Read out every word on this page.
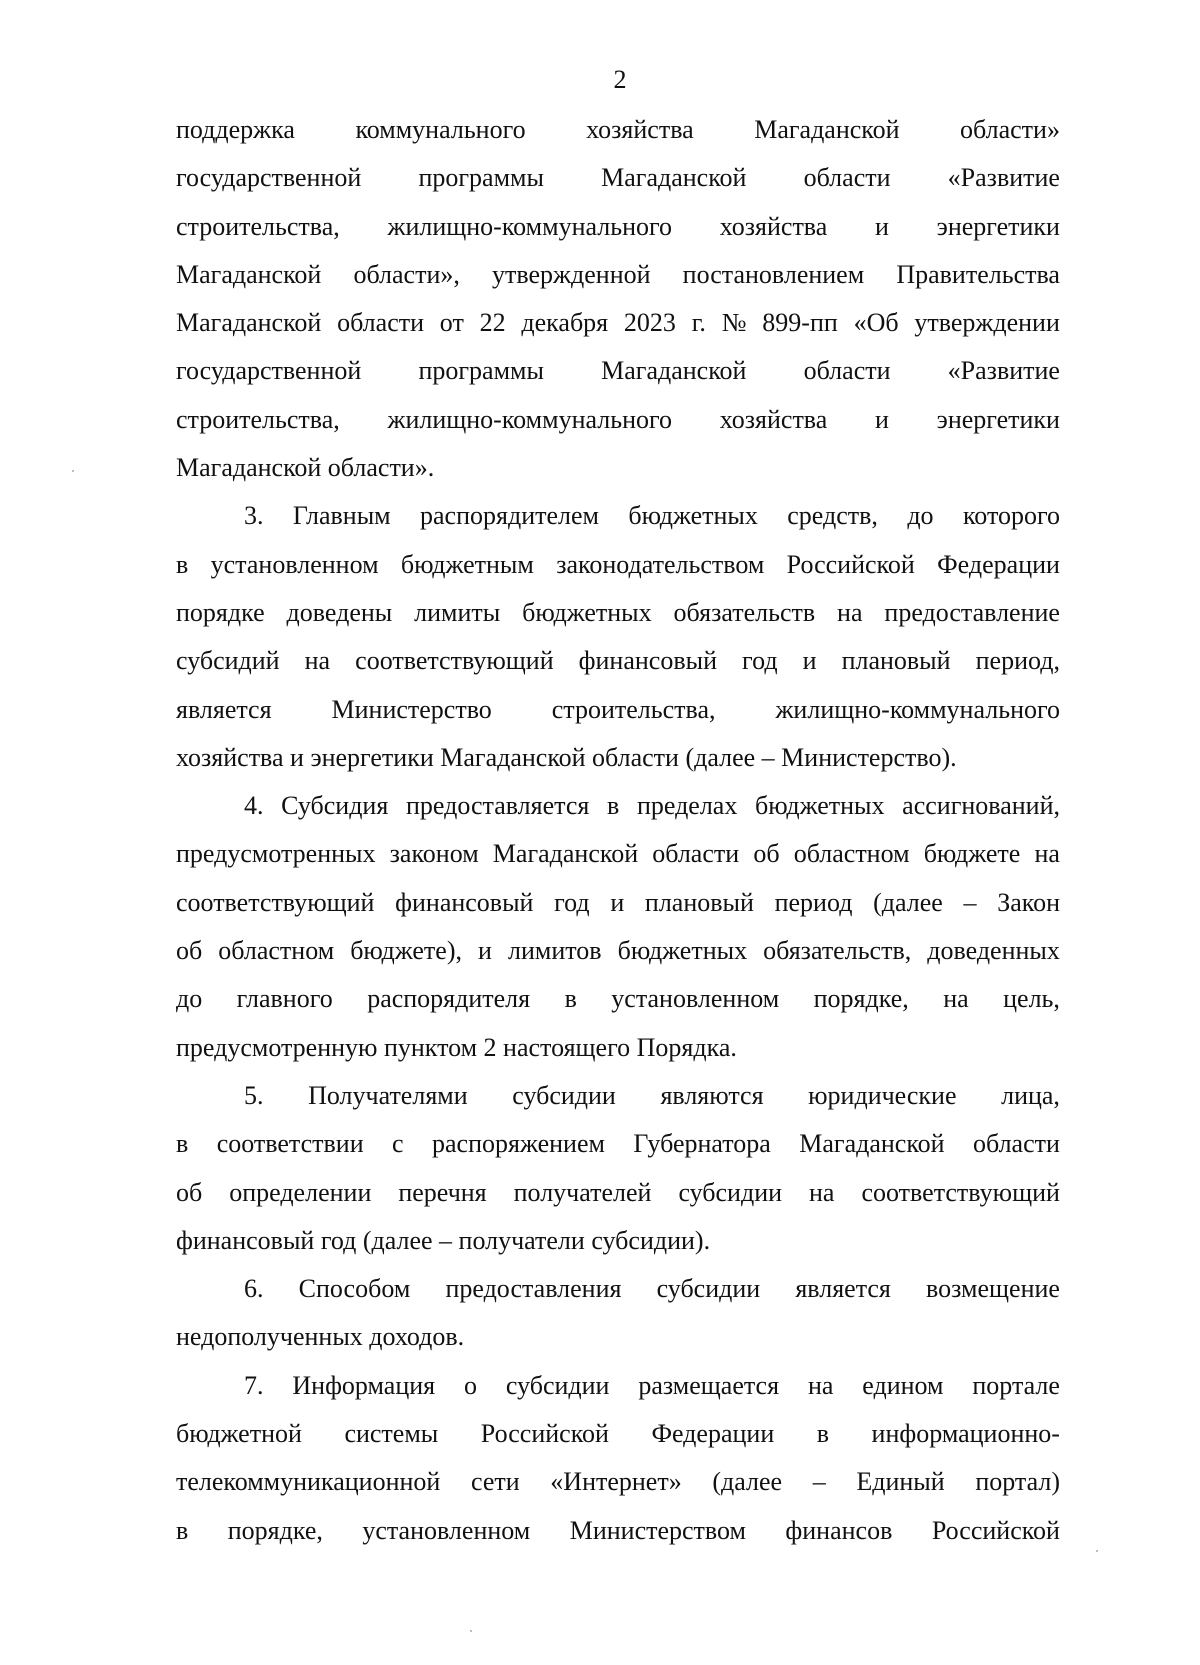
2
поддержка коммунального хозяйства Магаданской области»
государственной программы Магаданской области «Развитие
строительства, жилищно-коммунального хозяйства и энергетики
Магаданской области», утвержденной постановлением Правительства
Магаданской области от 22 декабря 2023 г. № 899-пп «Об утверждении
государственной программы Магаданской области «Развитие
строительства, жилищно-коммунального хозяйства и энергетики
Магаданской области».
3. Главным распорядителем бюджетных средств, до которого
в установленном бюджетным законодательством Российской Федерации
порядке доведены лимиты бюджетных обязательств на предоставление
субсидий на соответствующий финансовый год и плановый период,
является Министерство строительства, жилищно-коммунального
хозяйства и энергетики Магаданской области (далее – Министерство).
4. Субсидия предоставляется в пределах бюджетных ассигнований,
предусмотренных законом Магаданской области об областном бюджете на
соответствующий финансовый год и плановый период (далее – Закон
об областном бюджете), и лимитов бюджетных обязательств, доведенных
до главного распорядителя в установленном порядке, на цель,
предусмотренную пунктом 2 настоящего Порядка.
5. Получателями субсидии являются юридические лица,
в соответствии с распоряжением Губернатора Магаданской области
об определении перечня получателей субсидии на соответствующий
финансовый год (далее – получатели субсидии).
6. Способом предоставления субсидии является возмещение
недополученных доходов.
7. Информация о субсидии размещается на едином портале
бюджетной системы Российской Федерации в информационно-
телекоммуникационной сети «Интернет» (далее – Единый портал)
в порядке, установленном Министерством финансов Российской
